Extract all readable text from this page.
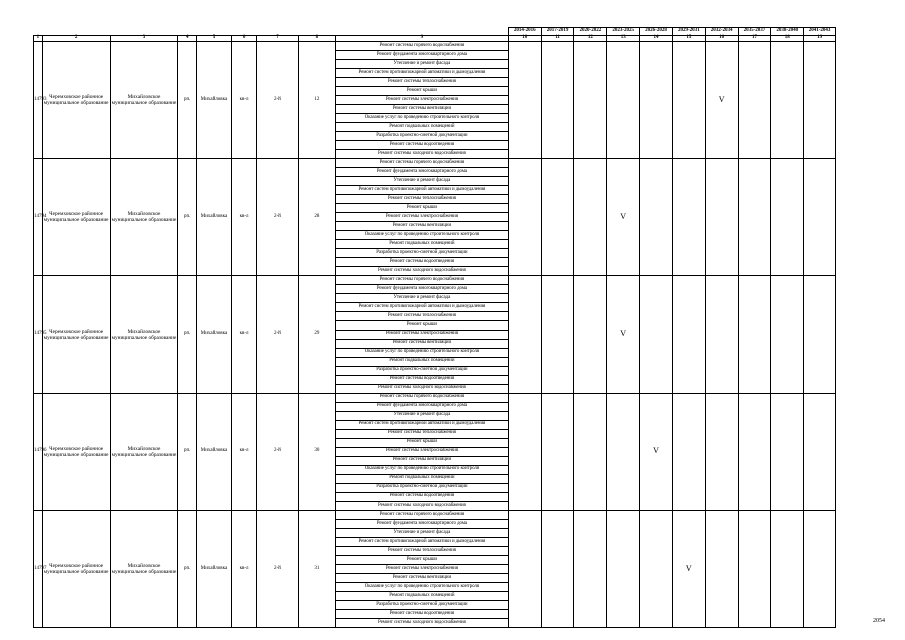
									2014-2016	2017-2019	2020-2022	2023-2025	2026-2028	2029-2031	2032-2034	2035-2037	2038-2040	2041-2043
1	2	3	4	5	6	7	8	9	10	11	12	13	14	15	16	17	18	19
14793	Черемховское районное муниципальное образование	Михайловское муниципальное образование	рп.	Михайловка	кв-л	2-й	12	Ремонт системы горячего водоснабжения							V			
								Ремонт фундамента многоквартирного дома										
								Утепление и ремонт фасада										
								Ремонт систем противопожарной автоматики и дымоудаления										
								Ремонт системы теплоснабжения										
								Ремонт крыши										
								Ремонт системы электроснабжения										
								Ремонт системы вентиляции										
								Оказание услуг по проведению строительного контроля										
								Ремонт подвальных помещений										
								Разработка проектно-сметной документации										
								Ремонт системы водоотведения										
								Ремонт системы холодного водоснабжения										
14794	Черемховское районное муниципальное образование	Михайловское муниципальное образование	рп.	Михайловка	кв-л	2-й	28	Ремонт системы горячего водоснабжения				V						
								Ремонт фундамента многоквартирного дома										
								Утепление и ремонт фасада										
								Ремонт систем противопожарной автоматики и дымоудаления										
								Ремонт системы теплоснабжения										
								Ремонт крыши										
								Ремонт системы электроснабжения										
								Ремонт системы вентиляции										
								Оказание услуг по проведению строительного контроля										
								Ремонт подвальных помещений										
								Разработка проектно-сметной документации										
								Ремонт системы водоотведения										
								Ремонт системы холодного водоснабжения										
14795	Черемховское районное муниципальное образование	Михайловское муниципальное образование	рп.	Михайловка	кв-л	2-й	29	Ремонт системы горячего водоснабжения				V						
								Ремонт фундамента многоквартирного дома										
								Утепление и ремонт фасада										
								Ремонт систем противопожарной автоматики и дымоудаления										
								Ремонт системы теплоснабжения										
								Ремонт крыши										
								Ремонт системы электроснабжения										
								Ремонт системы вентиляции										
								Оказание услуг по проведению строительного контроля										
								Ремонт подвальных помещений										
								Разработка проектно-сметной документации										
								Ремонт системы водоотведения										
								Ремонт системы холодного водоснабжения										
14796	Черемховское районное муниципальное образование	Михайловское муниципальное образование	рп.	Михайловка	кв-л	2-й	30	Ремонт системы горячего водоснабжения					V					
								Ремонт фундамента многоквартирного дома										
								Утепление и ремонт фасада										
								Ремонт систем противопожарной автоматики и дымоудаления										
								Ремонт системы теплоснабжения										
								Ремонт крыши										
								Ремонт системы электроснабжения										
								Ремонт системы вентиляции										
								Оказание услуг по проведению строительного контроля										
								Ремонт подвальных помещений										
								Разработка проектно-сметной документации										
								Ремонт системы водоотведения										
								Ремонт системы холодного водоснабжения										
14797	Черемховское районное муниципальное образование	Михайловское муниципальное образование	рп.	Михайловка	кв-л	2-й	31	Ремонт системы горячего водоснабжения						V				
								Ремонт фундамента многоквартирного дома										
								Утепление и ремонт фасада										
								Ремонт систем противопожарной автоматики и дымоудаления										
								Ремонт системы теплоснабжения										
								Ремонт крыши										
								Ремонт системы электроснабжения										
								Ремонт системы вентиляции										
								Оказание услуг по проведению строительного контроля										
								Ремонт подвальных помещений										
								Разработка проектно-сметной документации										
								Ремонт системы водоотведения										
								Ремонт системы холодного водоснабжения											2054
